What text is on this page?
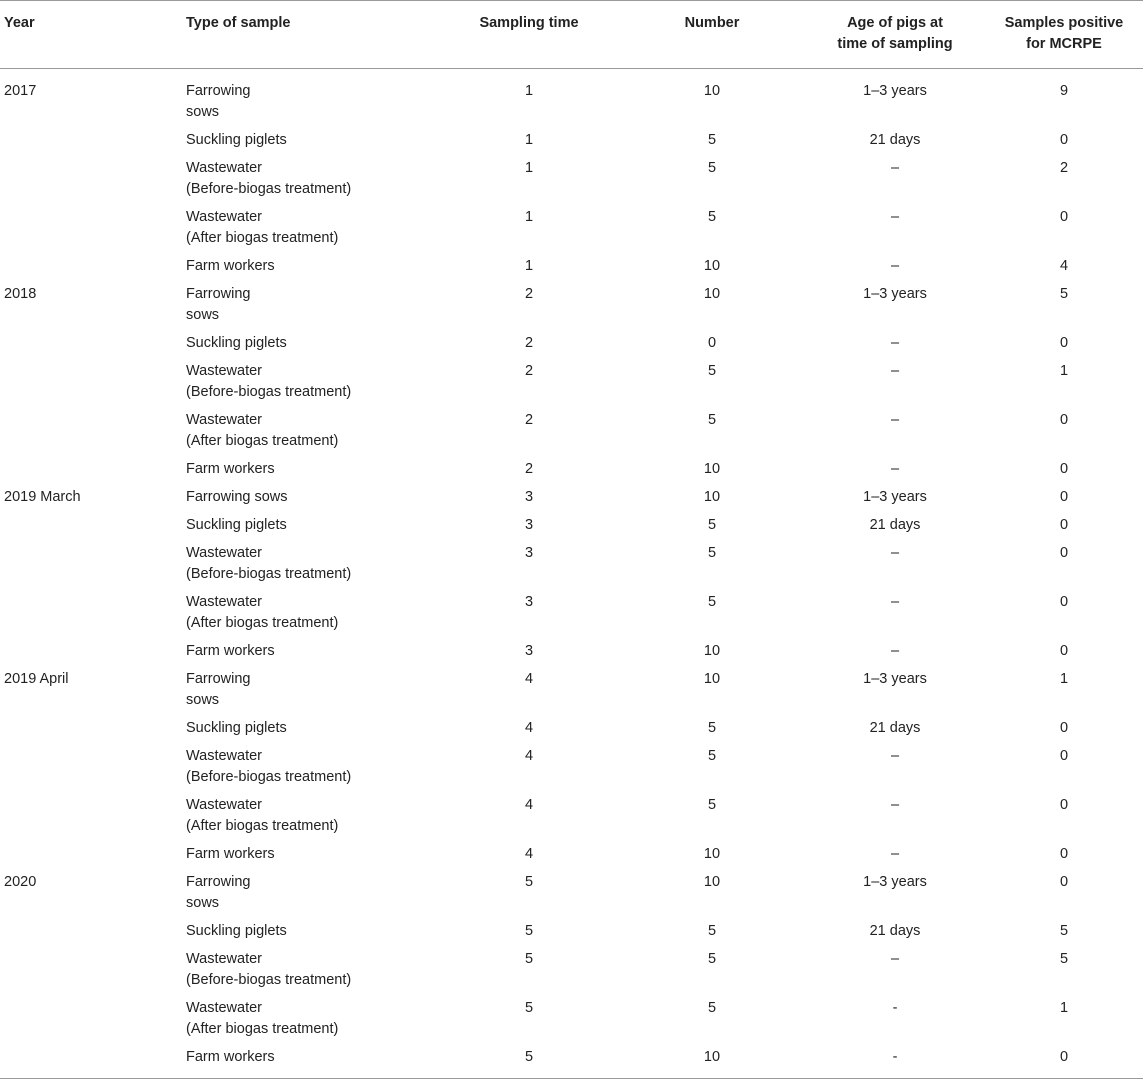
Year	Type of sample	Sampling time	Number	Age of pigs at
time of sampling	Samples positive
for MCRPE
2017	Farrowing
sows	1	10	1–3 years	9
	Suckling piglets	1	5	21 days	0
	Wastewater
(Before-biogas treatment)	1	5	–	2
	Wastewater
(After biogas treatment)	1	5	–	0
	Farm workers	1	10	–	4
2018	Farrowing
sows	2	10	1–3 years	5
	Suckling piglets	2	0	–	0
	Wastewater
(Before-biogas treatment)	2	5	–	1
	Wastewater
(After biogas treatment)	2	5	–	0
	Farm workers	2	10	–	0
2019 March	Farrowing sows	3	10	1–3 years	0
	Suckling piglets	3	5	21 days	0
	Wastewater
(Before-biogas treatment)	3	5	–	0
	Wastewater
(After biogas treatment)	3	5	–	0
	Farm workers	3	10	–	0
2019 April	Farrowing
sows	4	10	1–3 years	1
	Suckling piglets	4	5	21 days	0
	Wastewater
(Before-biogas treatment)	4	5	–	0
	Wastewater
(After biogas treatment)	4	5	–	0
	Farm workers	4	10	–	0
2020	Farrowing
sows	5	10	1–3 years	0
	Suckling piglets	5	5	21 days	5
	Wastewater
(Before-biogas treatment)	5	5	–	5
	Wastewater
(After biogas treatment)	5	5	-	1
	Farm workers	5	10	-	0
